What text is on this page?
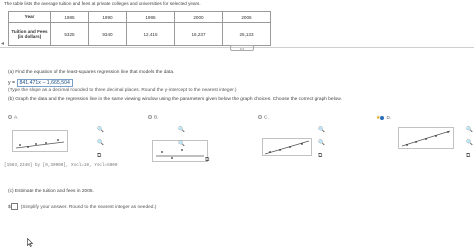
The table lists the average tuition and fees at private colleges and universities for selected years.
◂
Year	1985	1990	1995	2000	2006
Tuition and Fees (in dollars)	5325	9340	12,415	16,237	25,133
•••
(a) Find the equation of the least-squares regression line that models the data.
y = 841.471x − 1,665,504
(Type the slope as a decimal rounded to three decimal places. Round the y-intercept to the nearest integer.)
(b) Graph the data and the regression line in the same viewing window using the parameters given below the graph choices. Choose the correct graph below.
A.
🔍
🔍
⧉
B.
🔍
🔍
⧉
C.
🔍
🔍
⧉
★ D.
🔍
🔍
⧉
[1983,2340] by [0,30000], Xscl=10, Yscl=5000
(c) Estimate the tuition and fees in 2005.
$ (Simplify your answer. Round to the nearest integer as needed.)
